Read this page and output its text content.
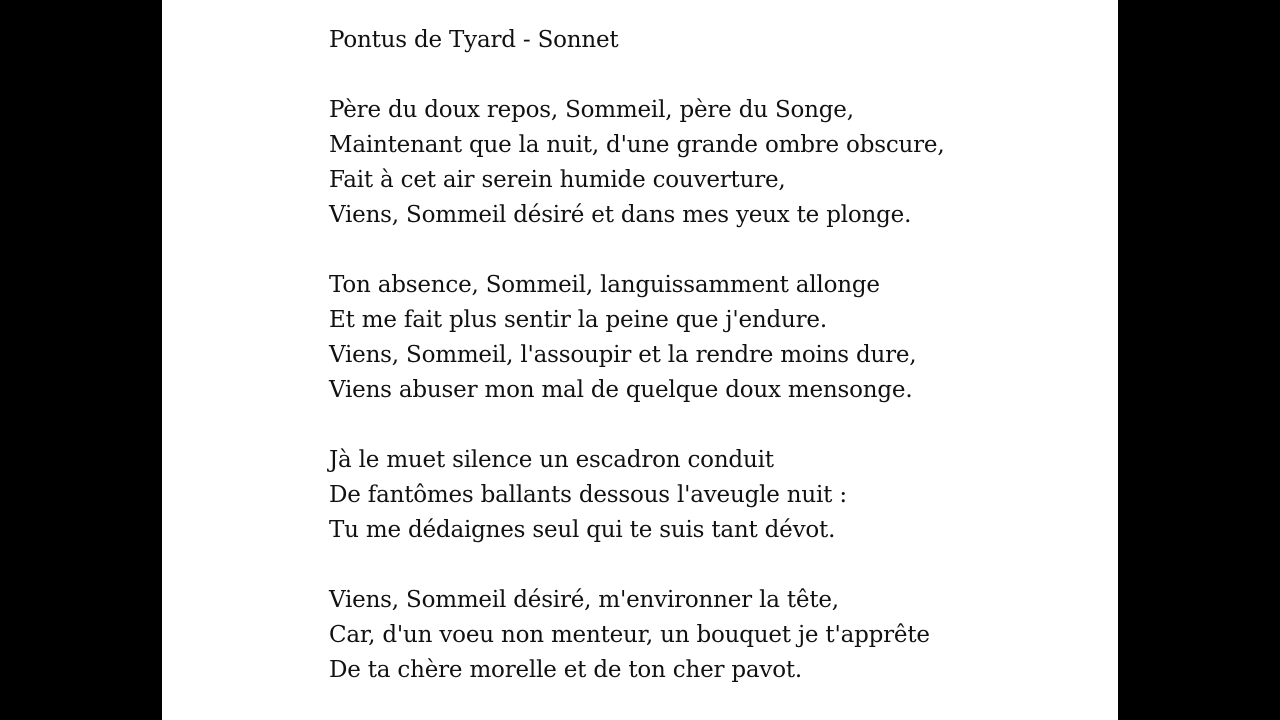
Pontus de Tyard - Sonnet
Père du doux repos, Sommeil, père du Songe,
Maintenant que la nuit, d'une grande ombre obscure,
Fait à cet air serein humide couverture,
Viens, Sommeil désiré et dans mes yeux te plonge.
Ton absence, Sommeil, languissamment allonge
Et me fait plus sentir la peine que j'endure.
Viens, Sommeil, l'assoupir et la rendre moins dure,
Viens abuser mon mal de quelque doux mensonge.
Jà le muet silence un escadron conduit
De fantômes ballants dessous l'aveugle nuit :
Tu me dédaignes seul qui te suis tant dévot.
Viens, Sommeil désiré, m'environner la tête,
Car, d'un voeu non menteur, un bouquet je t'apprête
De ta chère morelle et de ton cher pavot.
